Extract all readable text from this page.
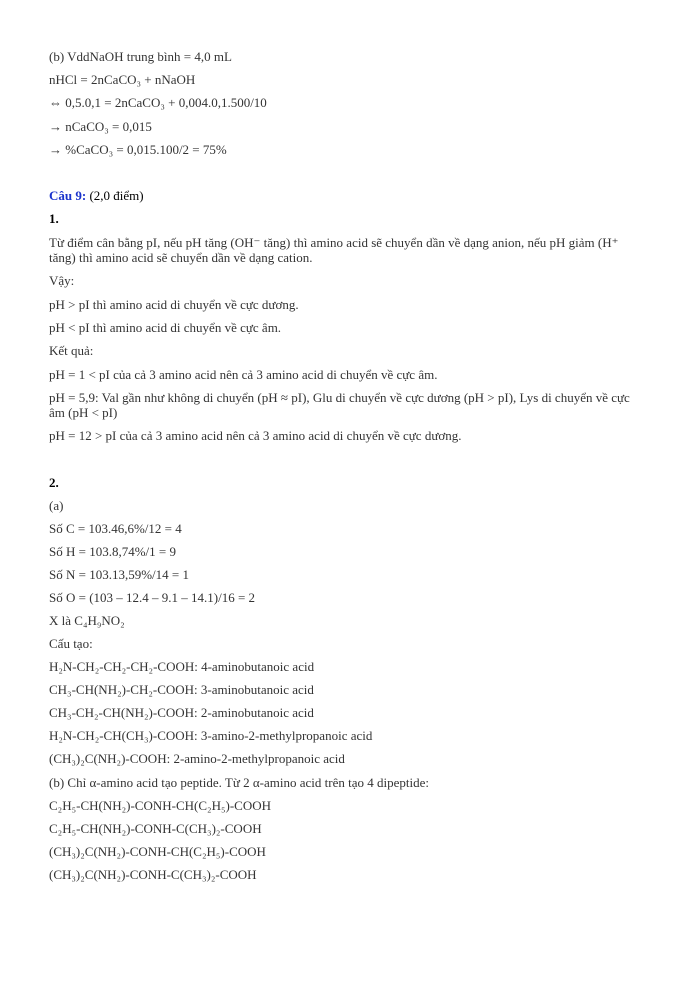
(b) VddNaOH trung bình = 4,0 mL
nHCl = 2nCaCO₃ + nNaOH
⇔ 0,5.0,1 = 2nCaCO₃ + 0,004.0,1.500/10
→ nCaCO₃ = 0,015
→ %CaCO₃ = 0,015.100/2 = 75%
Câu 9: (2,0 điểm)
1.
Từ điểm cân bằng pI, nếu pH tăng (OH⁻ tăng) thì amino acid sẽ chuyển dần về dạng anion, nếu pH giảm (H⁺ tăng) thì amino acid sẽ chuyển dần về dạng cation.
Vậy:
pH > pI thì amino acid di chuyển về cực dương.
pH < pI thì amino acid di chuyển về cực âm.
Kết quả:
pH = 1 < pI của cả 3 amino acid nên cả 3 amino acid di chuyển về cực âm.
pH = 5,9: Val gần như không di chuyển (pH ≈ pI), Glu di chuyển về cực dương (pH > pI), Lys di chuyển về cực âm (pH < pI)
pH = 12 > pI của cả 3 amino acid nên cả 3 amino acid di chuyển về cực dương.
2.
(a)
Số C = 103.46,6%/12 = 4
Số H = 103.8,74%/1 = 9
Số N = 103.13,59%/14 = 1
Số O = (103 – 12.4 – 9.1 – 14.1)/16 = 2
X là C₄H₉NO₂
Cấu tạo:
H₂N-CH₂-CH₂-CH₂-COOH: 4-aminobutanoic acid
CH₃-CH(NH₂)-CH₂-COOH: 3-aminobutanoic acid
CH₃-CH₂-CH(NH₂)-COOH: 2-aminobutanoic acid
H₂N-CH₂-CH(CH₃)-COOH: 3-amino-2-methylpropanoic acid
(CH₃)₂C(NH₂)-COOH: 2-amino-2-methylpropanoic acid
(b) Chỉ α-amino acid tạo peptide. Từ 2 α-amino acid trên tạo 4 dipeptide:
C₂H₅-CH(NH₂)-CONH-CH(C₂H₅)-COOH
C₂H₅-CH(NH₂)-CONH-C(CH₃)₂-COOH
(CH₃)₂C(NH₂)-CONH-CH(C₂H₅)-COOH
(CH₃)₂C(NH₂)-CONH-C(CH₃)₂-COOH
